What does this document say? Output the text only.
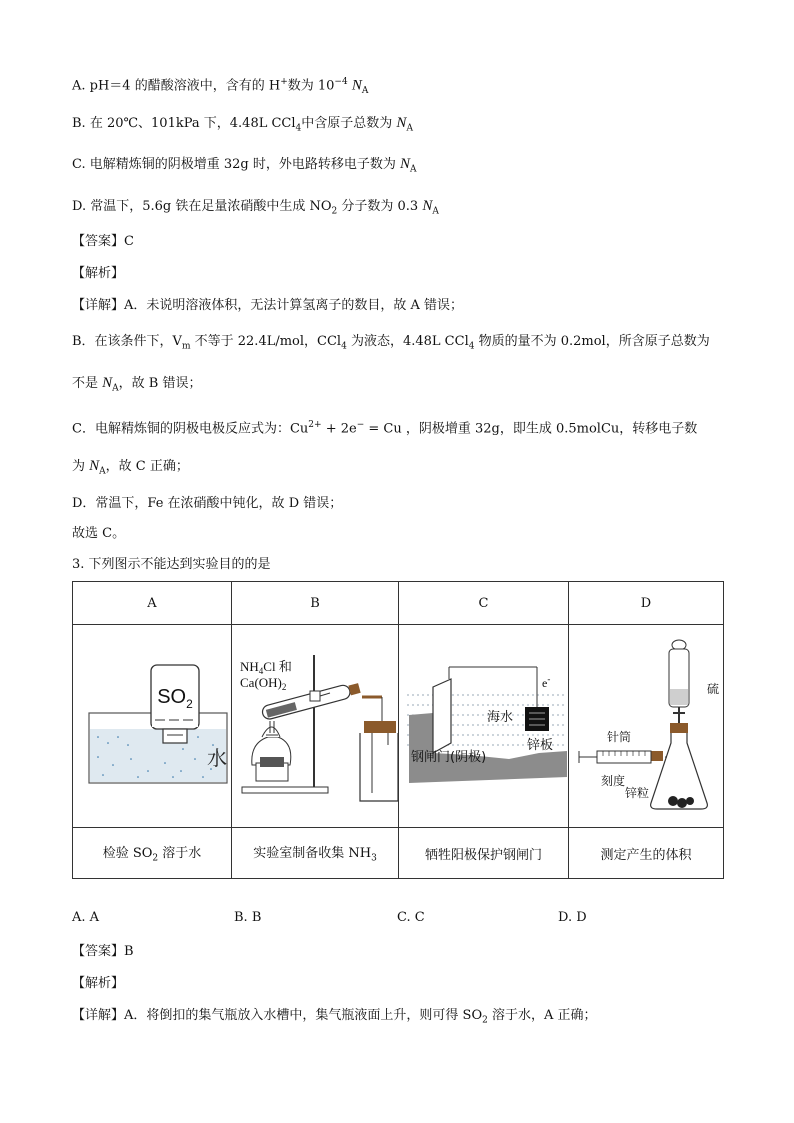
A. pH＝4 的醋酸溶液中，含有的 H+数为 $10^{-4}$ $N_A$
B. 在 20℃、101kPa 下，4.48L CCl$_4$中含原子总数为 $N_A$
C. 电解精炼铜的阴极增重 32g 时，外电路转移电子数为 $N_A$
D. 常温下，5.6g 铁在足量浓硝酸中生成 $NO_2$ 分子数为 0.3 $N_A$
【答案】C
【解析】
【详解】A．未说明溶液体积，无法计算氢离子的数目，故 A 错误；
B．在该条件下，$V_m$ 不等于 22.4L/mol，CCl$_4$ 为液态，4.48L CCl$_4$ 物质的量不为 0.2mol，所含原子总数为
不是 $N_A$，故 B 错误；
C．电解精炼铜的阴极电极反应式为：$Cu^{2+} + 2e^- = Cu$ ，阴极增重 32g，即生成 0.5molCu，转移电子数
为 $N_A$，故 C 正确；
D．常温下，Fe 在浓硝酸中钝化，故 D 错误；
故选 C。
3. 下列图示不能达到实验目的的是
A	B	C	D

$SO_2$
水	$NH_4Cl$ 和
$Ca(OH)_2$	e-
海水
锌板
钢闸门(阴极)	硫
针筒
刻度
锌粒

检验 $SO_2$ 溶于水	实验室制备收集 $NH_3$	牺牲阳极保护钢闸门	测定产生的体积
A. A	B. B	C. C	D. D
【答案】B
【解析】
【详解】A．将倒扣的集气瓶放入水槽中，集气瓶液面上升，则可得 $SO_2$ 溶于水，A 正确；
